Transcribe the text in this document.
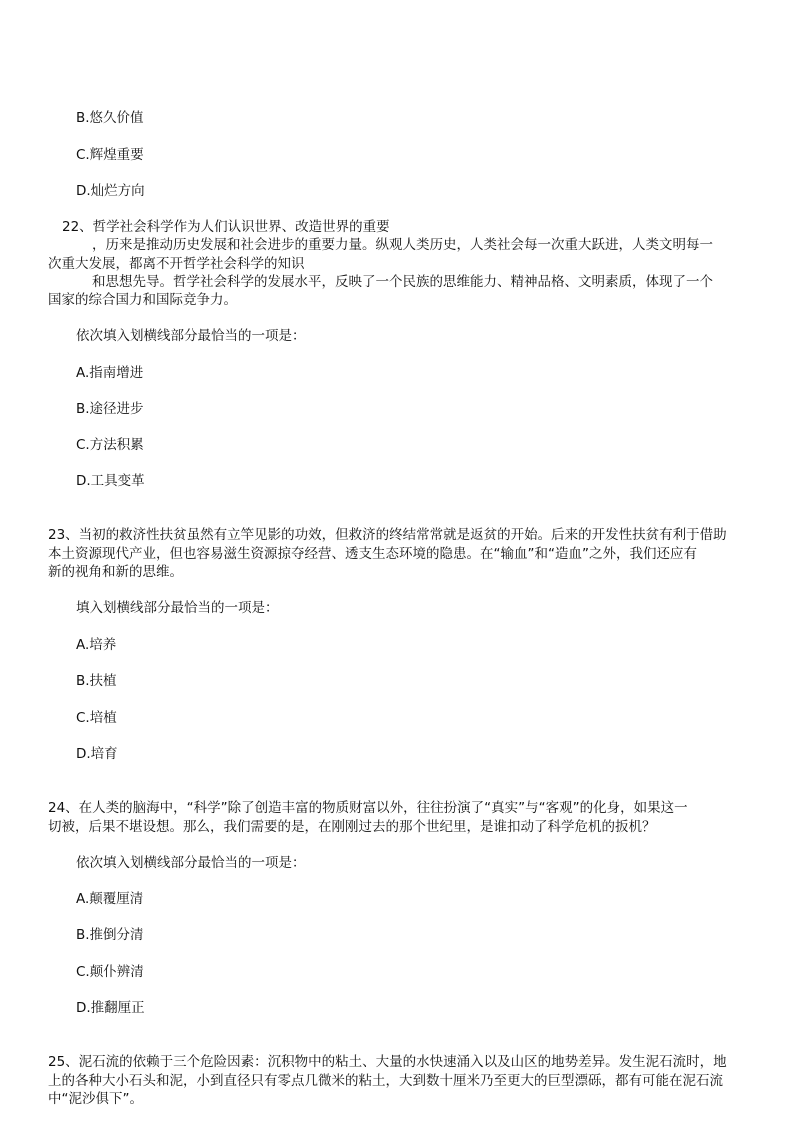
B.悠久价值
C.辉煌重要
D.灿烂方向
22、哲学社会科学作为人们认识世界、改造世界的重要
，历来是推动历史发展和社会进步的重要力量。纵观人类历史，人类社会每一次重大跃进，人类文明每一
次重大发展，都离不开哲学社会科学的知识
和思想先导。哲学社会科学的发展水平，反映了一个民族的思维能力、精神品格、文明素质，体现了一个
国家的综合国力和国际竞争力。
依次填入划横线部分最恰当的一项是：
A.指南增进
B.途径进步
C.方法积累
D.工具变革
23、当初的救济性扶贫虽然有立竿见影的功效，但救济的终结常常就是返贫的开始。后来的开发性扶贫有利于借助
本土资源现代产业，但也容易滋生资源掠夺经营、透支生态环境的隐患。在“输血”和“造血”之外，我们还应有
新的视角和新的思维。
填入划横线部分最恰当的一项是：
A.培养
B.扶植
C.培植
D.培育
24、在人类的脑海中，“科学”除了创造丰富的物质财富以外，往往扮演了“真实”与“客观”的化身，如果这一
切被，后果不堪设想。那么，我们需要的是，在刚刚过去的那个世纪里，是谁扣动了科学危机的扳机？
依次填入划横线部分最恰当的一项是：
A.颠覆厘清
B.推倒分清
C.颠仆辨清
D.推翻厘正
25、泥石流的依赖于三个危险因素：沉积物中的粘土、大量的水快速涌入以及山区的地势差异。发生泥石流时，地
上的各种大小石头和泥，小到直径只有零点几微米的粘土，大到数十厘米乃至更大的巨型漂砾，都有可能在泥石流
中“泥沙俱下”。
